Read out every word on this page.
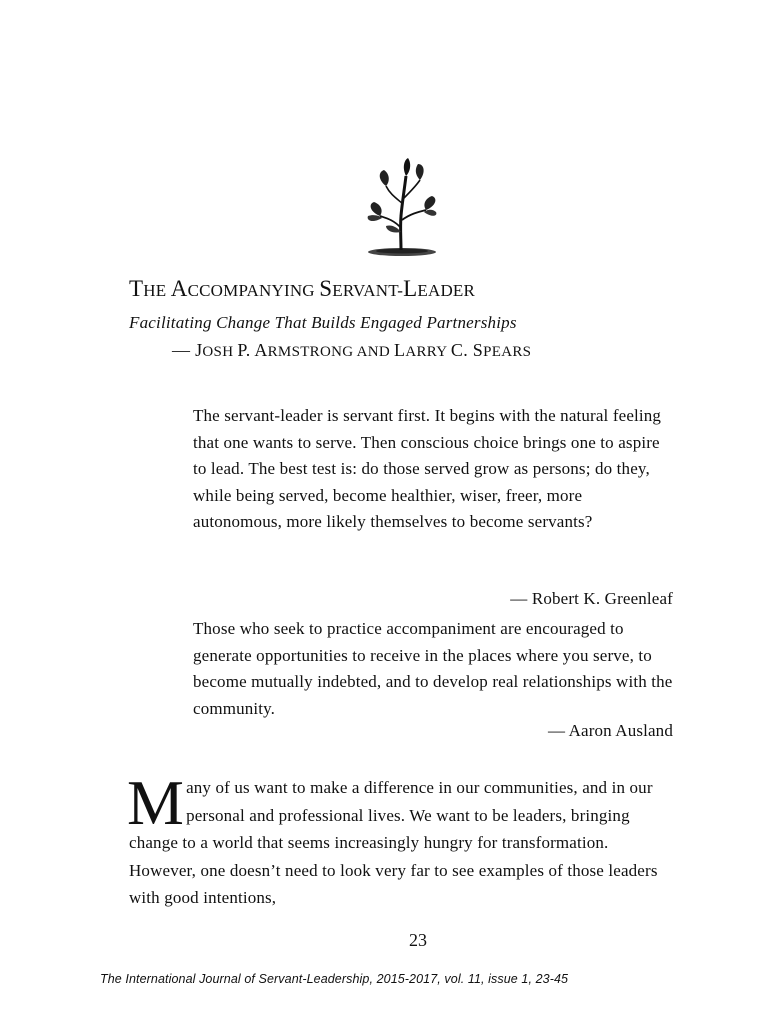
THE ACCOMPANYING SERVANT-LEADER

Facilitating Change That Builds Engaged Partnerships

— JOSH P. ARMSTRONG AND LARRY C. SPEARS

The servant-leader is servant first. It begins with the natural feeling that one wants to serve. Then conscious choice brings one to aspire to lead. The best test is: do those served grow as persons; do they, while being served, become healthier, wiser, freer, more autonomous, more likely themselves to become servants?

— Robert K. Greenleaf

Those who seek to practice accompaniment are encouraged to generate opportunities to receive in the places where you serve, to become mutually indebted, and to develop real relationships with the community.

— Aaron Ausland

Many of us want to make a difference in our communities, and in our personal and professional lives. We want to be leaders, bringing change to a world that seems increasingly hungry for transformation. However, one doesn’t need to look very far to see examples of those leaders with good intentions,

23

The International Journal of Servant-Leadership, 2015-2017, vol. 11, issue 1, 23-45
